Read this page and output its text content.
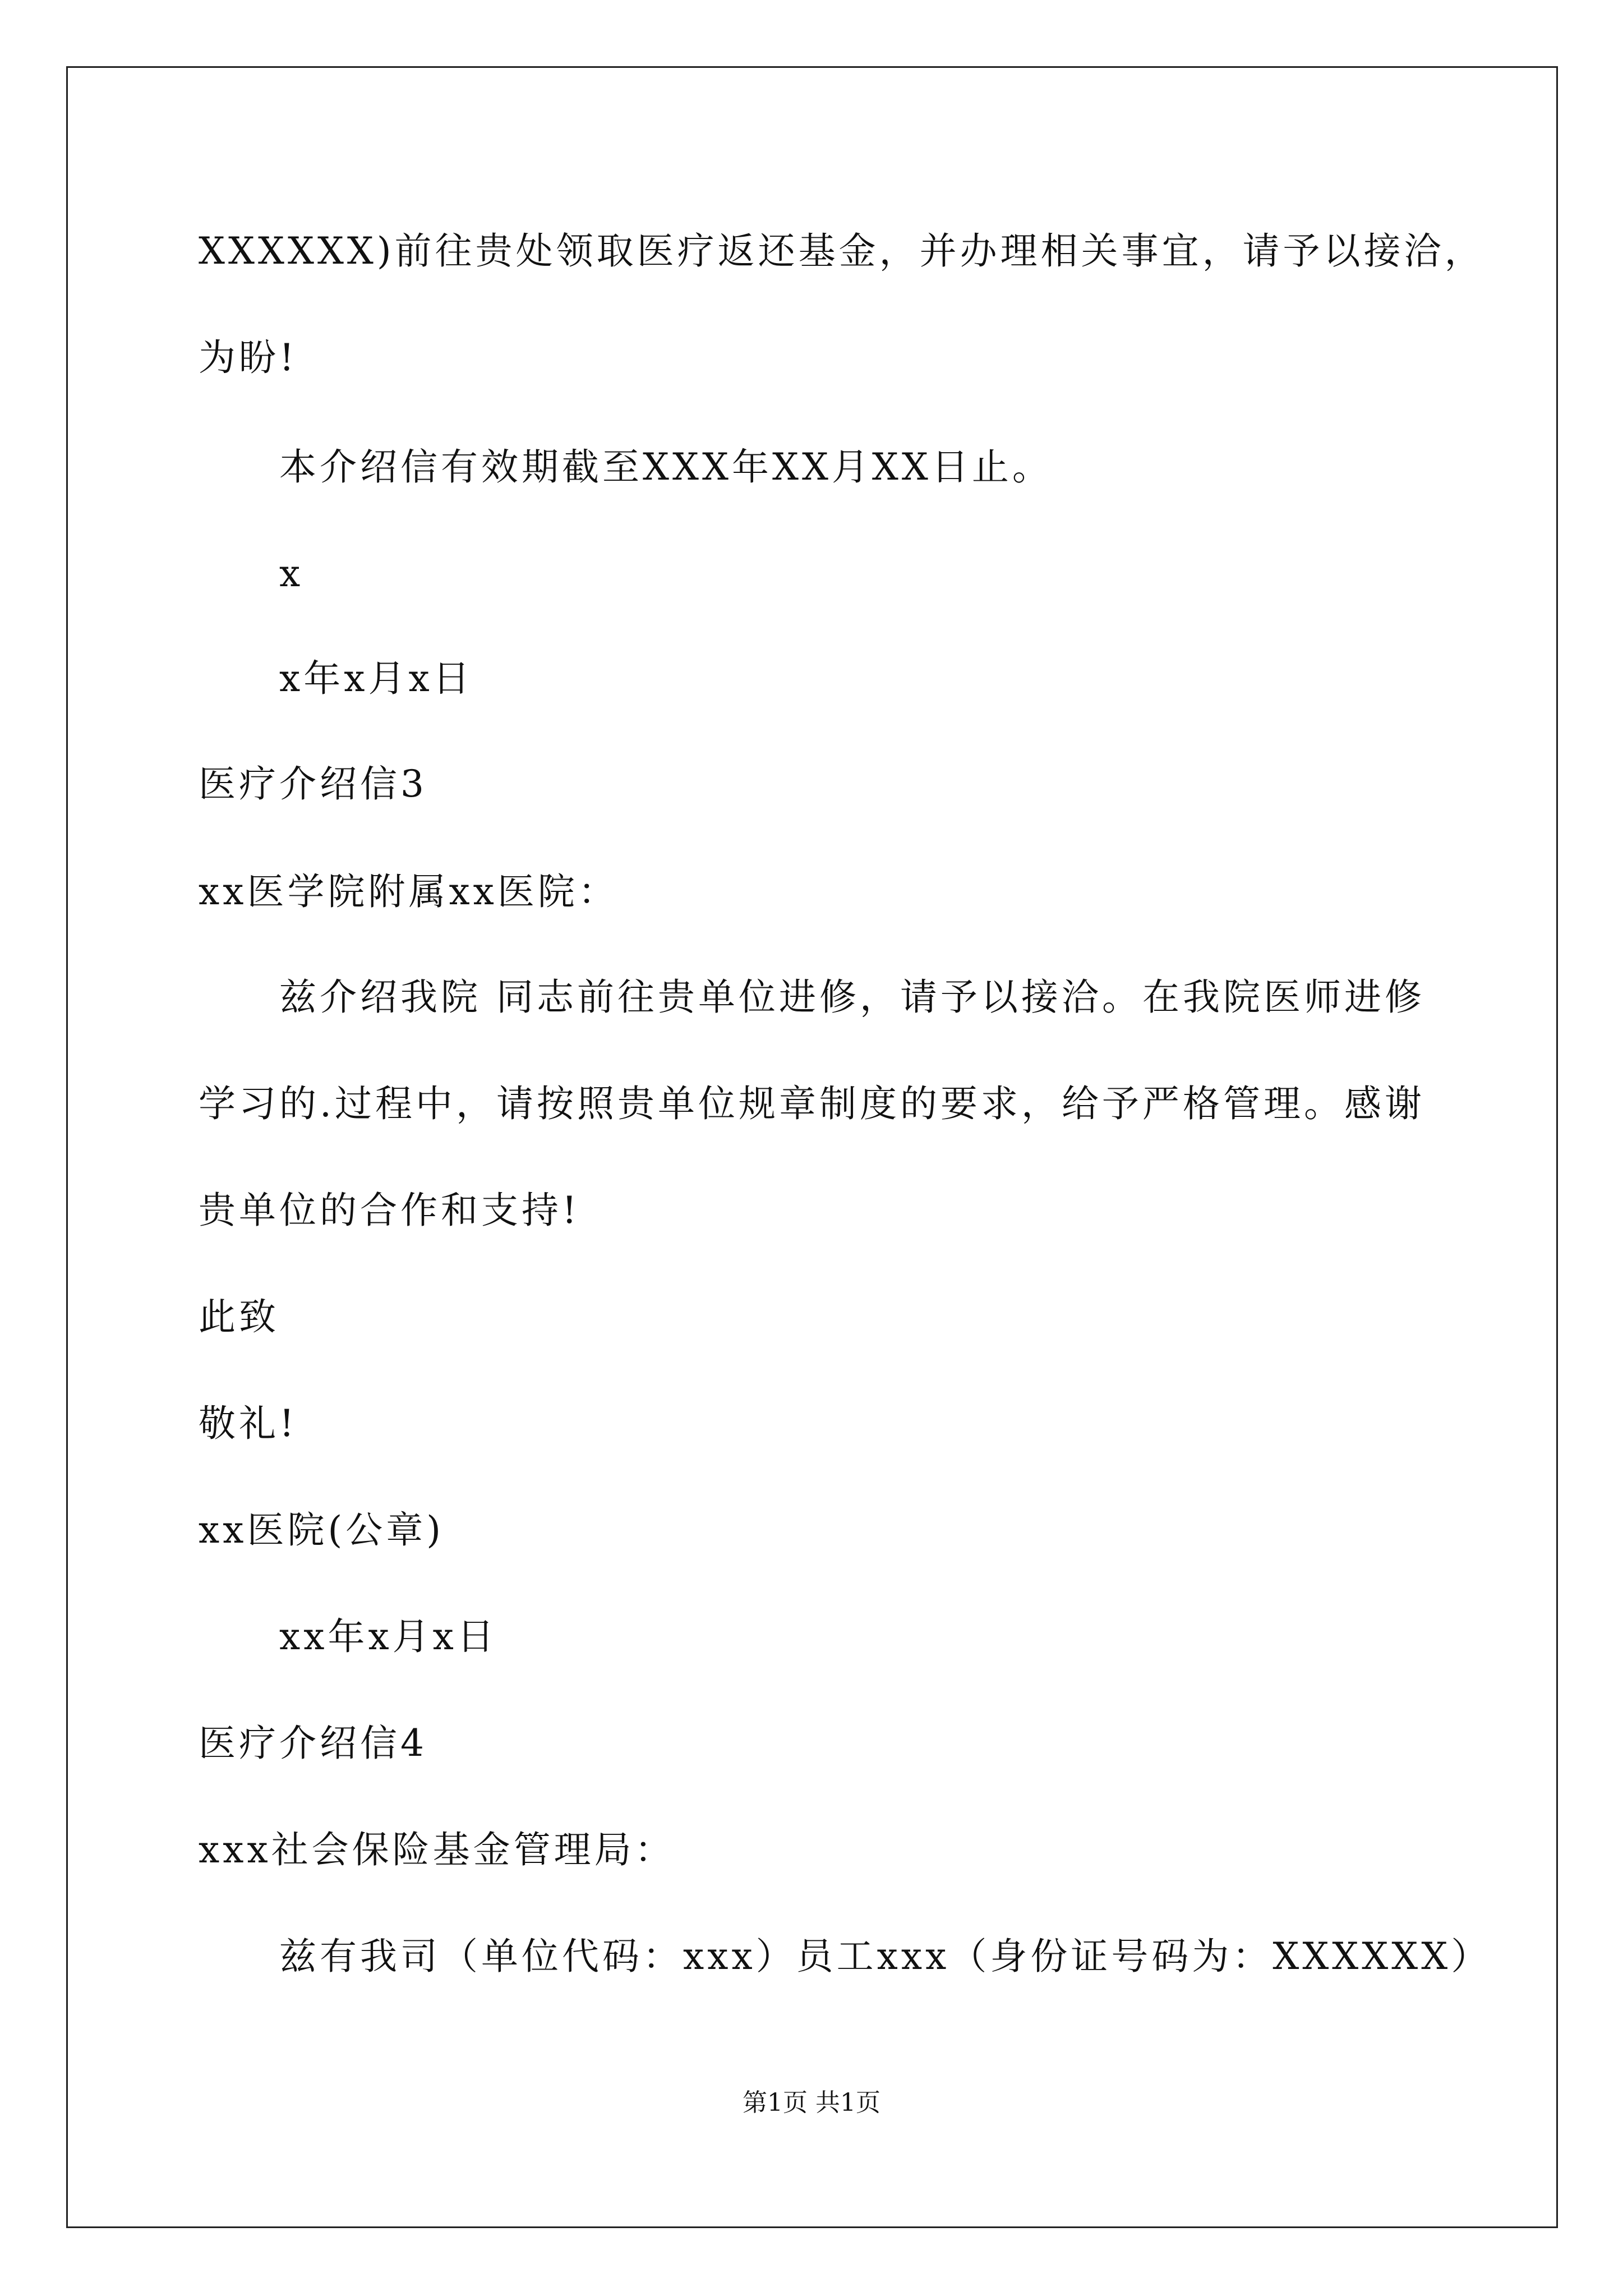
XXXXXX)前往贵处领取医疗返还基金，并办理相关事宜，请予以接洽，
为盼!
本介绍信有效期截至XXX年XX月XX日止。
x
x年x月x日
医疗介绍信3
xx医学院附属xx医院：
兹介绍我院 同志前往贵单位进修，请予以接洽。在我院医师进修
学习的.过程中，请按照贵单位规章制度的要求，给予严格管理。感谢
贵单位的合作和支持!
此致
敬礼!
xx医院(公章)
xx年x月x日
医疗介绍信4
xxx社会保险基金管理局：
兹有我司（单位代码：xxx）员工xxx（身份证号码为：XXXXXX）
第1页 共1页
